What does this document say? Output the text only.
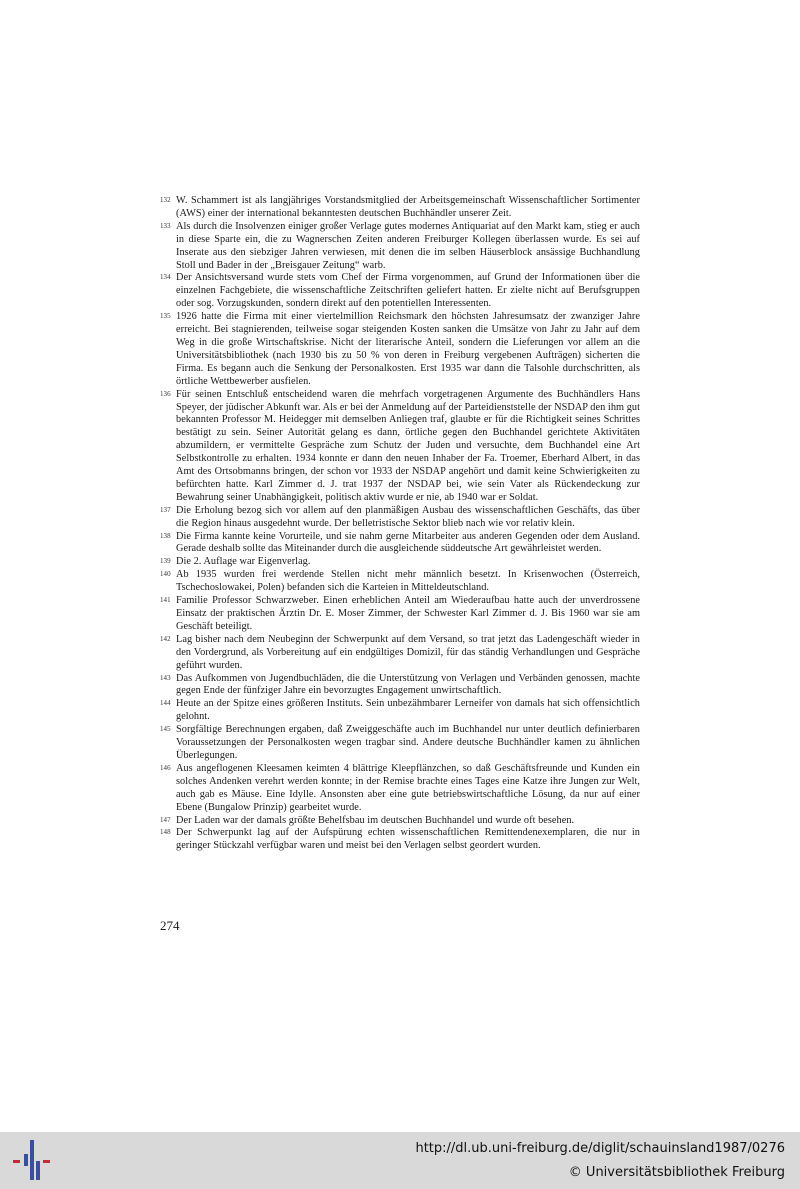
132 W. Schammert ist als langjähriges Vorstandsmitglied der Arbeitsgemeinschaft Wissenschaftlicher Sortimenter (AWS) einer der international bekanntesten deutschen Buchhändler unserer Zeit.

133 Als durch die Insolvenzen einiger großer Verlage gutes modernes Antiquariat auf den Markt kam, stieg er auch in diese Sparte ein, die zu Wagnerschen Zeiten anderen Freiburger Kollegen überlassen wurde. Es sei auf Inserate aus den siebziger Jahren verwiesen, mit denen die im selben Häuserblock ansässige Buchhandlung Stoll und Bader in der „Breisgauer Zeitung“ warb.

134 Der Ansichtsversand wurde stets vom Chef der Firma vorgenommen, auf Grund der Informationen über die einzelnen Fachgebiete, die wissenschaftliche Zeitschriften geliefert hatten. Er zielte nicht auf Berufsgruppen oder sog. Vorzugskunden, sondern direkt auf den potentiellen Interessenten.

135 1926 hatte die Firma mit einer viertelmillion Reichsmark den höchsten Jahresumsatz der zwanziger Jahre erreicht. Bei stagnierenden, teilweise sogar steigenden Kosten sanken die Umsätze von Jahr zu Jahr auf dem Weg in die große Wirtschaftskrise. Nicht der literarische Anteil, sondern die Lieferungen vor allem an die Universitätsbibliothek (nach 1930 bis zu 50 % von deren in Freiburg vergebenen Aufträgen) sicherten die Firma. Es begann auch die Senkung der Personalkosten. Erst 1935 war dann die Talsohle durchschritten, als örtliche Wettbewerber ausfielen.

136 Für seinen Entschluß entscheidend waren die mehrfach vorgetragenen Argumente des Buchhändlers Hans Speyer, der jüdischer Abkunft war. Als er bei der Anmeldung auf der Parteidienststelle der NSDAP den ihm gut bekannten Professor M. Heidegger mit demselben Anliegen traf, glaubte er für die Richtigkeit seines Schrittes bestätigt zu sein. Seiner Autorität gelang es dann, örtliche gegen den Buchhandel gerichtete Aktivitäten abzumildern, er vermittelte Gespräche zum Schutz der Juden und versuchte, dem Buchhandel eine Art Selbstkontrolle zu erhalten. 1934 konnte er dann den neuen Inhaber der Fa. Troemer, Eberhard Albert, in das Amt des Ortsobmanns bringen, der schon vor 1933 der NSDAP angehört und damit keine Schwierigkeiten zu befürchten hatte. Karl Zimmer d. J. trat 1937 der NSDAP bei, wie sein Vater als Rückendeckung zur Bewahrung seiner Unabhängigkeit, politisch aktiv wurde er nie, ab 1940 war er Soldat.

137 Die Erholung bezog sich vor allem auf den planmäßigen Ausbau des wissenschaftlichen Geschäfts, das über die Region hinaus ausgedehnt wurde. Der belletristische Sektor blieb nach wie vor relativ klein.

138 Die Firma kannte keine Vorurteile, und sie nahm gerne Mitarbeiter aus anderen Gegenden oder dem Ausland. Gerade deshalb sollte das Miteinander durch die ausgleichende süddeutsche Art gewährleistet werden.

139 Die 2. Auflage war Eigenverlag.

140 Ab 1935 wurden frei werdende Stellen nicht mehr männlich besetzt. In Krisenwochen (Österreich, Tschechoslowakei, Polen) befanden sich die Karteien in Mitteldeutschland.

141 Familie Professor Schwarzweber. Einen erheblichen Anteil am Wiederaufbau hatte auch der unverdrossene Einsatz der praktischen Ärztin Dr. E. Moser Zimmer, der Schwester Karl Zimmer d. J. Bis 1960 war sie am Geschäft beteiligt.

142 Lag bisher nach dem Neubeginn der Schwerpunkt auf dem Versand, so trat jetzt das Ladengeschäft wieder in den Vordergrund, als Vorbereitung auf ein endgültiges Domizil, für das ständig Verhandlungen und Gespräche geführt wurden.

143 Das Aufkommen von Jugendbuchläden, die die Unterstützung von Verlagen und Verbänden genossen, machte gegen Ende der fünfziger Jahre ein bevorzugtes Engagement unwirtschaftlich.

144 Heute an der Spitze eines größeren Instituts. Sein unbezähmbarer Lerneifer von damals hat sich offensichtlich gelohnt.

145 Sorgfältige Berechnungen ergaben, daß Zweiggeschäfte auch im Buchhandel nur unter deutlich definierbaren Voraussetzungen der Personalkosten wegen tragbar sind. Andere deutsche Buchhändler kamen zu ähnlichen Überlegungen.

146 Aus angeflogenen Kleesamen keimten 4 blättrige Kleepflänzchen, so daß Geschäftsfreunde und Kunden ein solches Andenken verehrt werden konnte; in der Remise brachte eines Tages eine Katze ihre Jungen zur Welt, auch gab es Mäuse. Eine Idylle. Ansonsten aber eine gute betriebswirtschaftliche Lösung, da nur auf einer Ebene (Bungalow Prinzip) gearbeitet wurde.

147 Der Laden war der damals größte Behelfsbau im deutschen Buchhandel und wurde oft besehen.

148 Der Schwerpunkt lag auf der Aufspürung echten wissenschaftlichen Remittendenexemplaren, die nur in geringer Stückzahl verfügbar waren und meist bei den Verlagen selbst geordert wurden.

274
http://dl.ub.uni-freiburg.de/diglit/schauinsland1987/0276
© Universitätsbibliothek Freiburg
